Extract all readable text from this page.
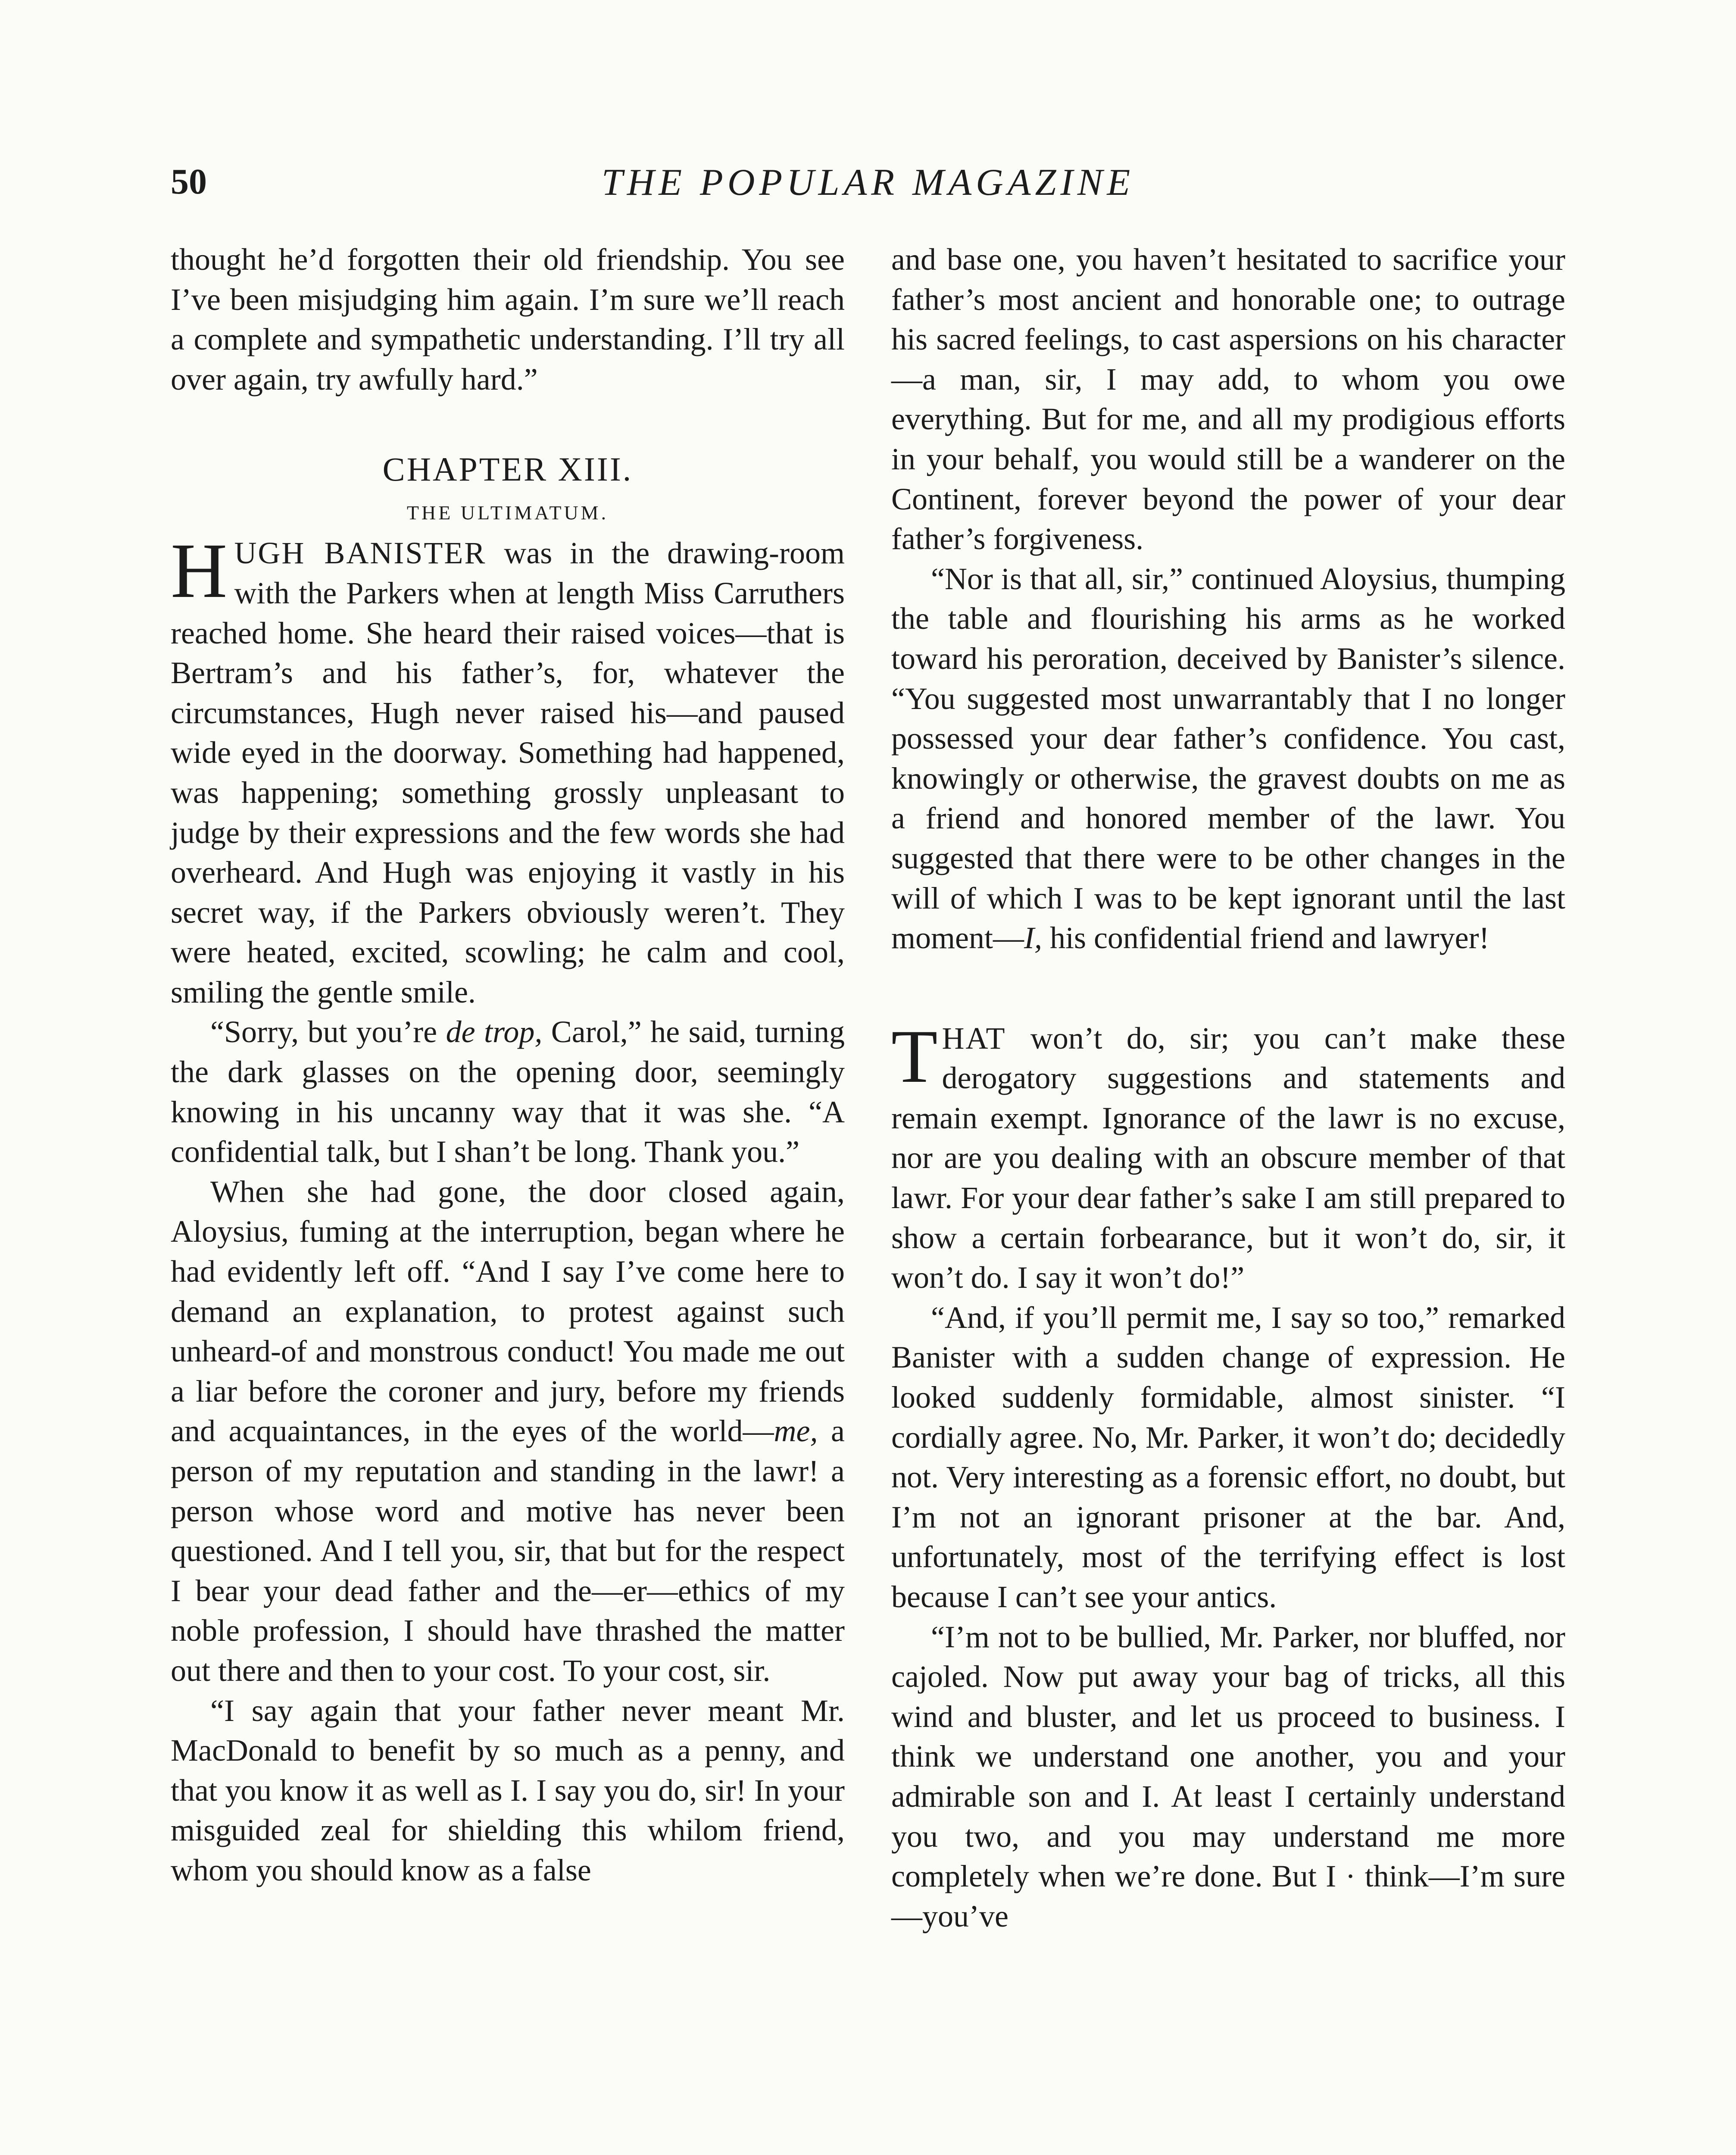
50	THE POPULAR MAGAZINE

thought he’d forgotten their old friendship. You see I’ve been misjudging him again. I’m sure we’ll reach a complete and sympathetic understanding. I’ll try all over again, try awfully hard.”

CHAPTER XIII.
THE ULTIMATUM.

HUGH BANISTER was in the drawing-room with the Parkers when at length Miss Carruthers reached home. She heard their raised voices—that is Bertram’s and his father’s, for, whatever the circumstances, Hugh never raised his—and paused wide eyed in the doorway. Something had happened, was happening; something grossly unpleasant to judge by their expressions and the few words she had overheard. And Hugh was enjoying it vastly in his secret way, if the Parkers obviously weren’t. They were heated, excited, scowling; he calm and cool, smiling the gentle smile.

“Sorry, but you’re de trop, Carol,” he said, turning the dark glasses on the opening door, seemingly knowing in his uncanny way that it was she. “A confidential talk, but I shan’t be long. Thank you.”

When she had gone, the door closed again, Aloysius, fuming at the interruption, began where he had evidently left off. “And I say I’ve come here to demand an explanation, to protest against such unheard-of and monstrous conduct! You made me out a liar before the coroner and jury, before my friends and acquaintances, in the eyes of the world—me, a person of my reputation and standing in the lawr! a person whose word and motive has never been questioned. And I tell you, sir, that but for the respect I bear your dead father and the—er—ethics of my noble profession, I should have thrashed the matter out there and then to your cost. To your cost, sir.

“I say again that your father never meant Mr. MacDonald to benefit by so much as a penny, and that you know it as well as I. I say you do, sir! In your misguided zeal for shielding this whilom friend, whom you should know as a false

and base one, you haven’t hesitated to sacrifice your father’s most ancient and honorable one; to outrage his sacred feelings, to cast aspersions on his character—a man, sir, I may add, to whom you owe everything. But for me, and all my prodigious efforts in your behalf, you would still be a wanderer on the Continent, forever beyond the power of your dear father’s forgiveness.

“Nor is that all, sir,” continued Aloysius, thumping the table and flourishing his arms as he worked toward his peroration, deceived by Banister’s silence. “You suggested most unwarrantably that I no longer possessed your dear father’s confidence. You cast, knowingly or otherwise, the gravest doubts on me as a friend and honored member of the lawr. You suggested that there were to be other changes in the will of which I was to be kept ignorant until the last moment—I, his confidential friend and lawryer!

THAT won’t do, sir; you can’t make these derogatory suggestions and statements and remain exempt. Ignorance of the lawr is no excuse, nor are you dealing with an obscure member of that lawr. For your dear father’s sake I am still prepared to show a certain forbearance, but it won’t do, sir, it won’t do. I say it won’t do!”

“And, if you’ll permit me, I say so too,” remarked Banister with a sudden change of expression. He looked suddenly formidable, almost sinister. “I cordially agree. No, Mr. Parker, it won’t do; decidedly not. Very interesting as a forensic effort, no doubt, but I’m not an ignorant prisoner at the bar. And, unfortunately, most of the terrifying effect is lost because I can’t see your antics.

“I’m not to be bullied, Mr. Parker, nor bluffed, nor cajoled. Now put away your bag of tricks, all this wind and bluster, and let us proceed to business. I think we understand one another, you and your admirable son and I. At least I certainly understand you two, and you may understand me more completely when we’re done. But I · think—I’m sure—you’ve
